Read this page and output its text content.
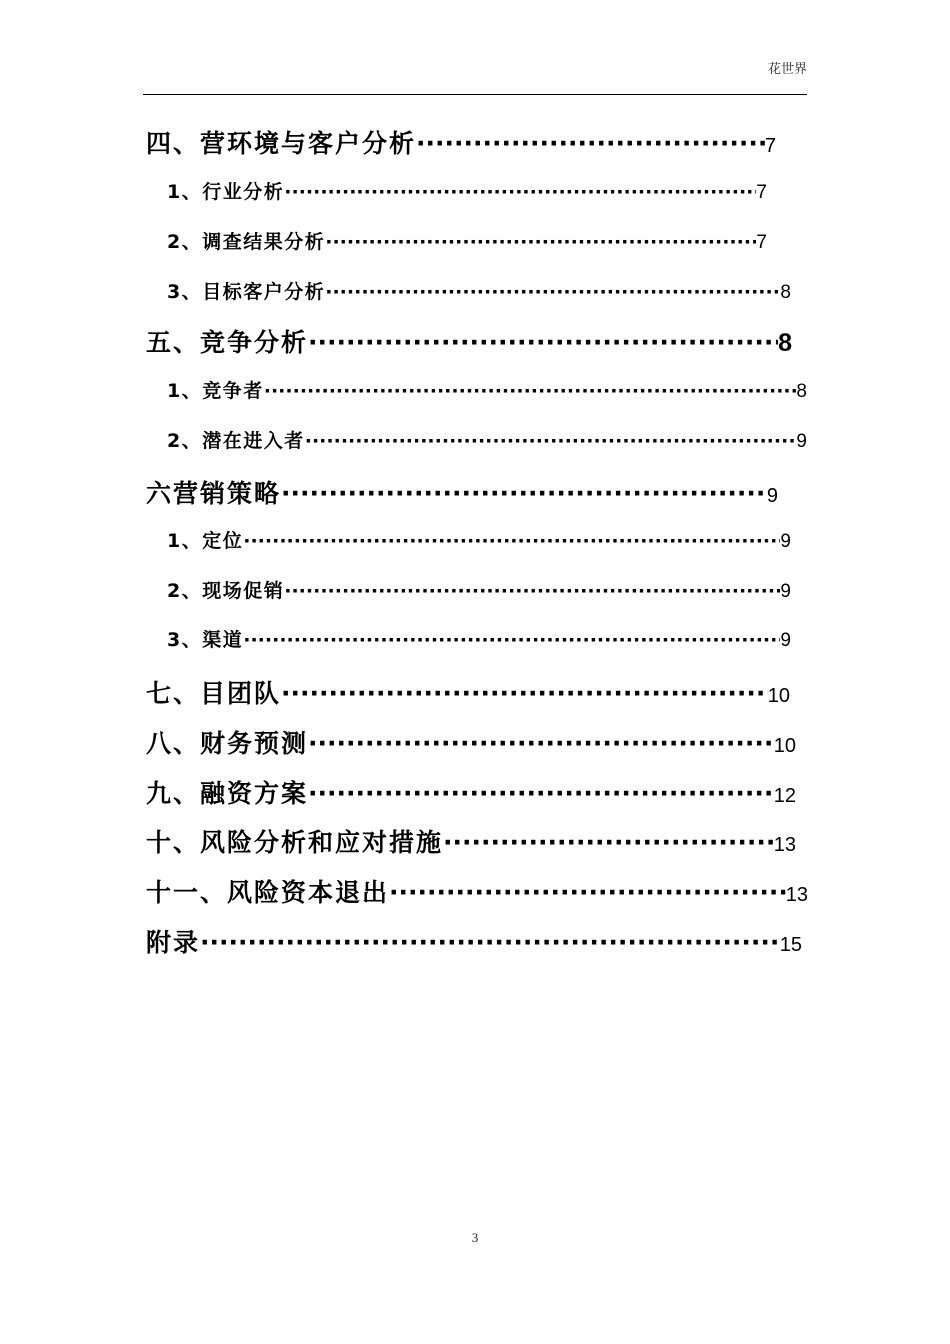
花世界
四、营环境与客户分析 ·····	7
1、行业分析 ·····	7
2、调查结果分析 ·····	7
3、目标客户分析 ·····	8
五、竞争分析 ·····	8
1、竞争者 ·····	8
2、潜在进入者 ·····	9
六营销策略 ·····	9
1、定位 ·····	9
2、现场促销 ·····	9
3、渠道 ·····	9
七、目团队 ·····	10
八、财务预测 ·····	10
九、融资方案 ·····	12
十、风险分析和应对措施 ·····	13
十一、风险资本退出 ·····	13
附录 ·····	15
3
